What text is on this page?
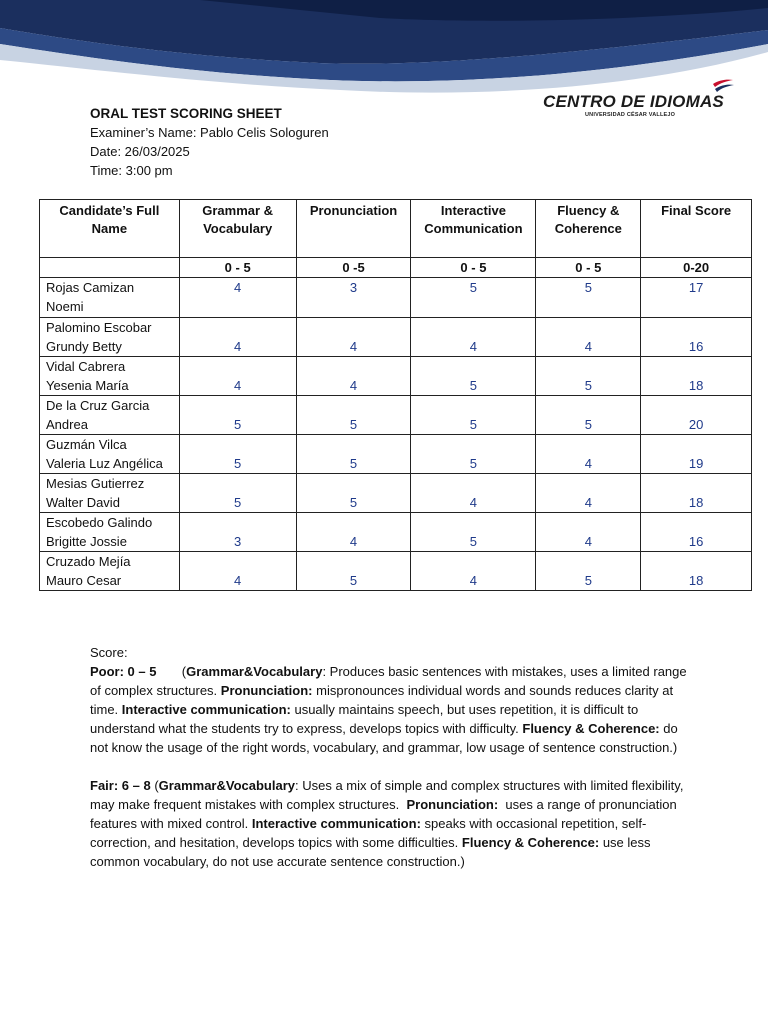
CENTRO DE IDIOMAS
UNIVERSIDAD CÉSAR VALLEJO
ORAL TEST SCORING SHEET
Examiner’s Name: Pablo Celis Sologuren
Date: 26/03/2025
Time: 3:00 pm
Candidate’s Full Name	Grammar & Vocabulary	Pronunciation	Interactive Communication	Fluency & Coherence	Final Score
	0 - 5	0 -5	0 - 5	0 - 5	0-20

Rojas Camizan
Noemi	4	3	5	5	17

Palomino Escobar
Grundy Betty	4	4	4	4	16

Vidal Cabrera
Yesenia María	4	4	5	5	18

De la Cruz Garcia
Andrea	5	5	5	5	20

Guzmán Vilca
Valeria Luz Angélica	5	5	5	4	19

Mesias Gutierrez
Walter David	5	5	4	4	18

Escobedo Galindo
Brigitte Jossie	3	4	5	4	16

Cruzado Mejía
Mauro Cesar	4	5	4	5	18

Score:

Poor: 0 – 5 (Grammar&Vocabulary: Produces basic sentences with mistakes, uses a limited range of complex structures. Pronunciation: mispronounces individual words and sounds reduces clarity at time. Interactive communication: usually maintains speech, but uses repetition, it is difficult to understand what the students try to express, develops topics with difficulty. Fluency & Coherence: do not know the usage of the right words, vocabulary, and grammar, low usage of sentence construction.)

Fair: 6 – 8 (Grammar&Vocabulary: Uses a mix of simple and complex structures with limited flexibility, may make frequent mistakes with complex structures. Pronunciation: uses a range of pronunciation features with mixed control. Interactive communication: speaks with occasional repetition, self-correction, and hesitation, develops topics with some difficulties. Fluency & Coherence: use less common vocabulary, do not use accurate sentence construction.)
